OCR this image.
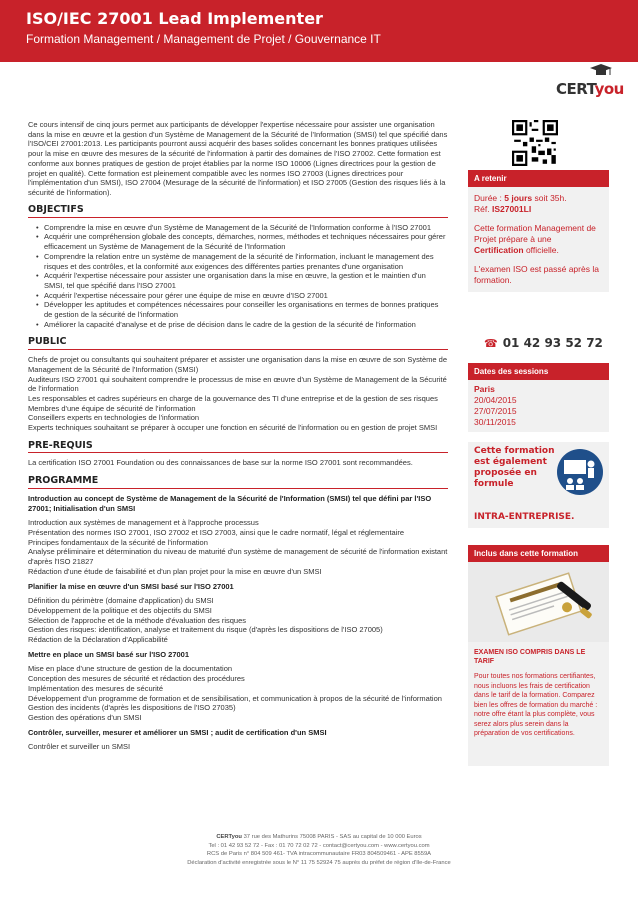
ISO/IEC 27001 Lead Implementer
Formation Management / Management de Projet / Gouvernance IT
CERTyou

Ce cours intensif de cinq jours permet aux participants de développer l'expertise nécessaire pour assister une organisation dans la mise en œuvre et la gestion d'un Système de Management de la Sécurité de l'Information (SMSI) tel que spécifié dans l'ISO/CEI 27001:2013. Les participants pourront aussi acquérir des bases solides concernant les bonnes pratiques utilisées pour la mise en œuvre des mesures de la sécurité de l'information à partir des domaines de l'ISO 27002. Cette formation est conforme aux bonnes pratiques de gestion de projet établies par la norme ISO 10006 (Lignes directrices pour la gestion de projet en qualité). Cette formation est pleinement compatible avec les normes ISO 27003 (Lignes directrices pour l'implémentation d'un SMSI), ISO 27004 (Mesurage de la sécurité de l'information) et ISO 27005 (Gestion des risques liés à la sécurité de l'information).

OBJECTIFS
• Comprendre la mise en œuvre d'un Système de Management de la Sécurité de l'Information conforme à l'ISO 27001
• Acquérir une compréhension globale des concepts, démarches, normes, méthodes et techniques nécessaires pour gérer efficacement un Système de Management de la Sécurité de l'Information
• Comprendre la relation entre un système de management de la sécurité de l'information, incluant le management des risques et des contrôles, et la conformité aux exigences des différentes parties prenantes d'une organisation
• Acquérir l'expertise nécessaire pour assister une organisation dans la mise en œuvre, la gestion et le maintien d'un SMSI, tel que spécifié dans l'ISO 27001
• Acquérir l'expertise nécessaire pour gérer une équipe de mise en œuvre d'ISO 27001
• Développer les aptitudes et compétences nécessaires pour conseiller les organisations en termes de bonnes pratiques de gestion de la sécurité de l'information
• Améliorer la capacité d'analyse et de prise de décision dans le cadre de la gestion de la sécurité de l'information
PUBLIC

Chefs de projet ou consultants qui souhaitent préparer et assister une organisation dans la mise en œuvre de son Système de Management de la Sécurité de l'Information (SMSI)

Auditeurs ISO 27001 qui souhaitent comprendre le processus de mise en œuvre d'un Système de Management de la Sécurité de l'information

Les responsables et cadres supérieurs en charge de la gouvernance des TI d'une entreprise et de la gestion de ses risques

Membres d'une équipe de sécurité de l'information

Conseillers experts en technologies de l'information

Experts techniques souhaitant se préparer à occuper une fonction en sécurité de l'information ou en gestion de projet SMSI

PRE-REQUIS

La certification ISO 27001 Foundation ou des connaissances de base sur la norme ISO 27001 sont recommandées.

PROGRAMME

Introduction au concept de Système de Management de la Sécurité de l'Information (SMSI) tel que défini par l'ISO 27001; Initialisation d'un SMSI

Introduction aux systèmes de management et à l'approche processus

Présentation des normes ISO 27001, ISO 27002 et ISO 27003, ainsi que le cadre normatif, légal et réglementaire

Principes fondamentaux de la sécurité de l'information

Analyse préliminaire et détermination du niveau de maturité d'un système de management de sécurité de l'information existant d'après l'ISO 21827

Rédaction d'une étude de faisabilité et d'un plan projet pour la mise en œuvre d'un SMSI

Planifier la mise en œuvre d'un SMSI basé sur l'ISO 27001

Définition du périmètre (domaine d'application) du SMSI

Développement de la politique et des objectifs du SMSI

Sélection de l'approche et de la méthode d'évaluation des risques

Gestion des risques: identification, analyse et traitement du risque (d'après les dispositions de l'ISO 27005)

Rédaction de la Déclaration d'Applicabilité

Mettre en place un SMSI basé sur l'ISO 27001

Mise en place d'une structure de gestion de la documentation

Conception des mesures de sécurité et rédaction des procédures

Implémentation des mesures de sécurité

Développement d'un programme de formation et de sensibilisation, et communication à propos de la sécurité de l'information

Gestion des incidents (d'après les dispositions de l'ISO 27035)

Gestion des opérations d'un SMSI

Contrôler, surveiller, mesurer et améliorer un SMSI ; audit de certification d'un SMSI

Contrôler et surveiller un SMSI

A retenir

Durée : 5 jours soit 35h.

Réf. IS27001LI

Cette formation Management de Projet prépare à une Certification officielle.

L'examen ISO est passé après la formation.

☎ 01 42 93 52 72
Dates des sessions

Paris

20/04/2015

27/07/2015

30/11/2015

Cette formation est également proposée en formule

INTRA-ENTREPRISE.

Inclus dans cette formation

EXAMEN ISO COMPRIS DANS LE TARIF

Pour toutes nos formations certifiantes, nous incluons les frais de certification dans le tarif de la formation. Comparez bien les offres de formation du marché : notre offre étant la plus complète, vous serez alors plus serein dans la préparation de vos certifications.

CERTyou 37 rue des Mathurins 75008 PARIS - SAS au capital de 10 000 Euros

Tel : 01 42 93 52 72 - Fax : 01 70 72 02 72 - contact@certyou.com - www.certyou.com

RCS de Paris n° 804 509 461- TVA intracommunautaire FR03 804509461 - APE 8559A

Déclaration d'activité enregistrée sous le N° 11 75 52924 75 auprès du préfet de région d'Ile-de-France
